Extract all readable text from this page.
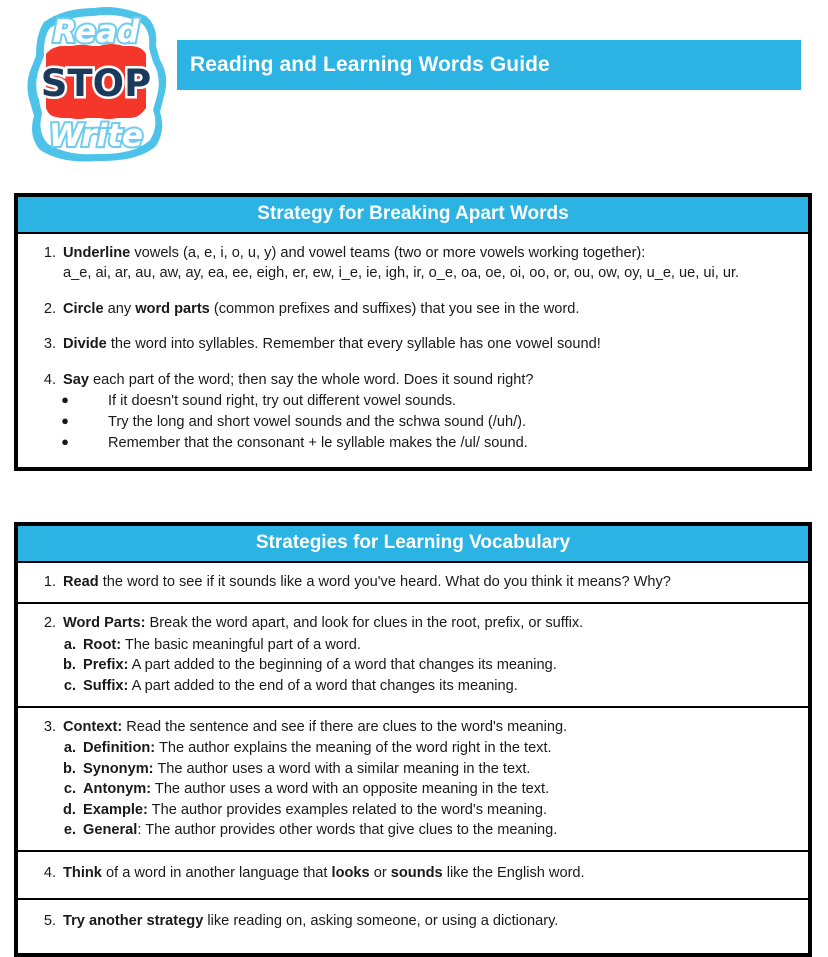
Read
STOP
Write
Reading and Learning Words Guide
Strategy for Breaking Apart Words
1. Underline vowels (a, e, i, o, u, y) and vowel teams (two or more vowels working together):
a_e, ai, ar, au, aw, ay, ea, ee, eigh, er, ew, i_e, ie, igh, ir, o_e, oa, oe, oi, oo, or, ou, ow, oy, u_e, ue, ui, ur.
2. Circle any word parts (common prefixes and suffixes) that you see in the word.
3. Divide the word into syllables. Remember that every syllable has one vowel sound!
4. Say each part of the word; then say the whole word. Does it sound right?
●	If it doesn't sound right, try out different vowel sounds.
●	Try the long and short vowel sounds and the schwa sound (/uh/).
●	Remember that the consonant + le syllable makes the /ul/ sound.
Strategies for Learning Vocabulary
1. Read the word to see if it sounds like a word you've heard. What do you think it means? Why?
2. Word Parts: Break the word apart, and look for clues in the root, prefix, or suffix.
a. Root: The basic meaningful part of a word.
b. Prefix: A part added to the beginning of a word that changes its meaning.
c. Suffix: A part added to the end of a word that changes its meaning.
3. Context: Read the sentence and see if there are clues to the word's meaning.
a. Definition: The author explains the meaning of the word right in the text.
b. Synonym: The author uses a word with a similar meaning in the text.
c. Antonym: The author uses a word with an opposite meaning in the text.
d. Example: The author provides examples related to the word's meaning.
e. General: The author provides other words that give clues to the meaning.
4. Think of a word in another language that looks or sounds like the English word.
5. Try another strategy like reading on, asking someone, or using a dictionary.
